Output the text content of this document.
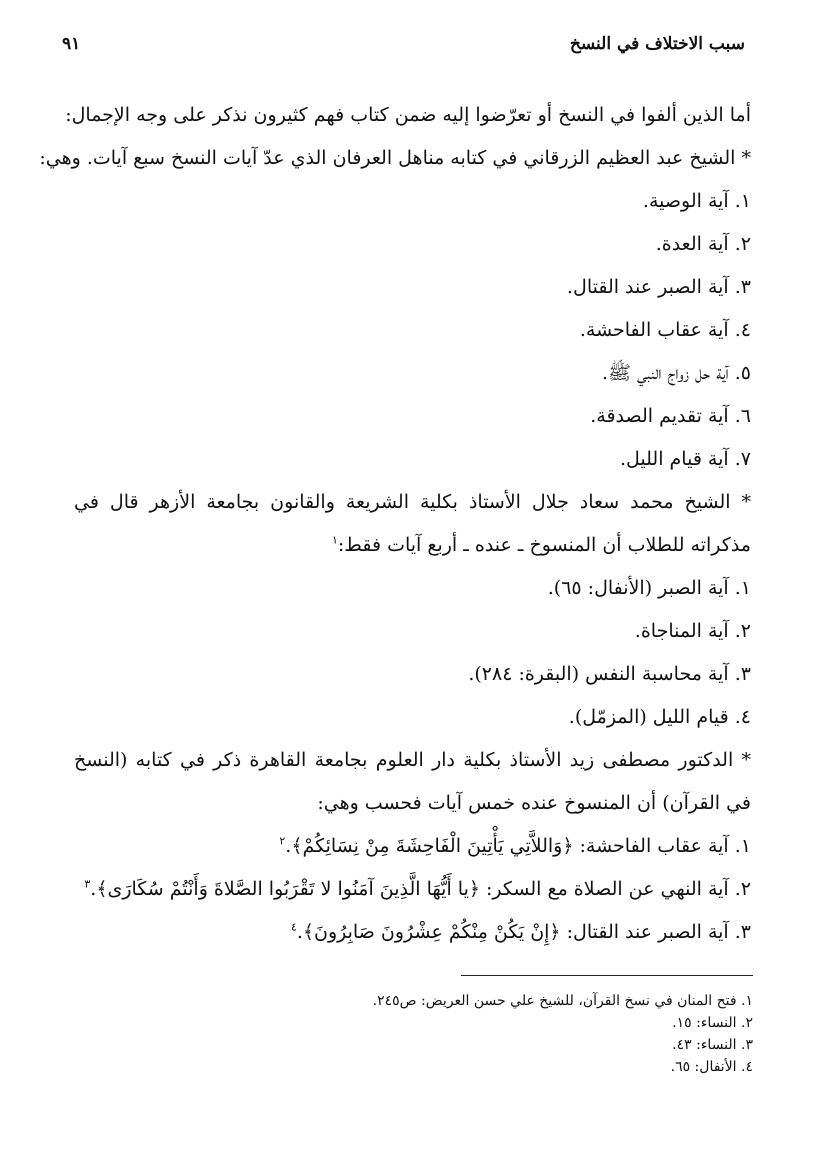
سبب الاختلاف في النسخ
٩١

أما الذين ألفوا في النسخ أو تعرّضوا إليه ضمن كتاب فهم كثيرون نذكر على وجه الإجمال:

* الشيخ عبد العظيم الزرقاني في كتابه مناهل العرفان الذي عدّ آيات النسخ سبع آيات. وهي:

١. آية الوصية.

٢. آية العدة.

٣. آية الصبر عند القتال.

٤. آية عقاب الفاحشة.

٥. آية حل زواج النبي ﷺ.

٦. آية تقديم الصدقة.

٧. آية قيام الليل.

* الشيخ محمد سعاد جلال الأستاذ بكلية الشريعة والقانون بجامعة الأزهر قال في

مذكراته للطلاب أن المنسوخ ـ عنده ـ أربع آيات فقط:$^١$

١. آية الصبر (الأنفال: ٦٥).

٢. آية المناجاة.

٣. آية محاسبة النفس (البقرة: ٢٨٤).

٤. قيام الليل (المزمّل).

* الدكتور مصطفى زيد الأستاذ بكلية دار العلوم بجامعة القاهرة ذكر في كتابه (النسخ

في القرآن) أن المنسوخ عنده خمس آيات فحسب وهي:

١. آية عقاب الفاحشة: ﴿وَاللاَّتِي يَأْتِينَ الْفَاحِشَةَ مِنْ نِسَائِكُمْ﴾.$^٢$

٢. آية النهي عن الصلاة مع السكر: ﴿يا أَيُّهَا الَّذِينَ آمَنُوا لا تَقْرَبُوا الصَّلاةَ وَأَنْتُمْ سُكَارَى﴾.$^٣$

٣. آية الصبر عند القتال: ﴿إِنْ يَكُنْ مِنْكُمْ عِشْرُونَ صَابِرُونَ﴾.$^٤$

١. فتح المنان في نسخ القرآن، للشيخ علي حسن العريض: ص٢٤٥.

٢. النساء: ١٥.

٣. النساء: ٤٣.

٤. الأنفال: ٦٥.
